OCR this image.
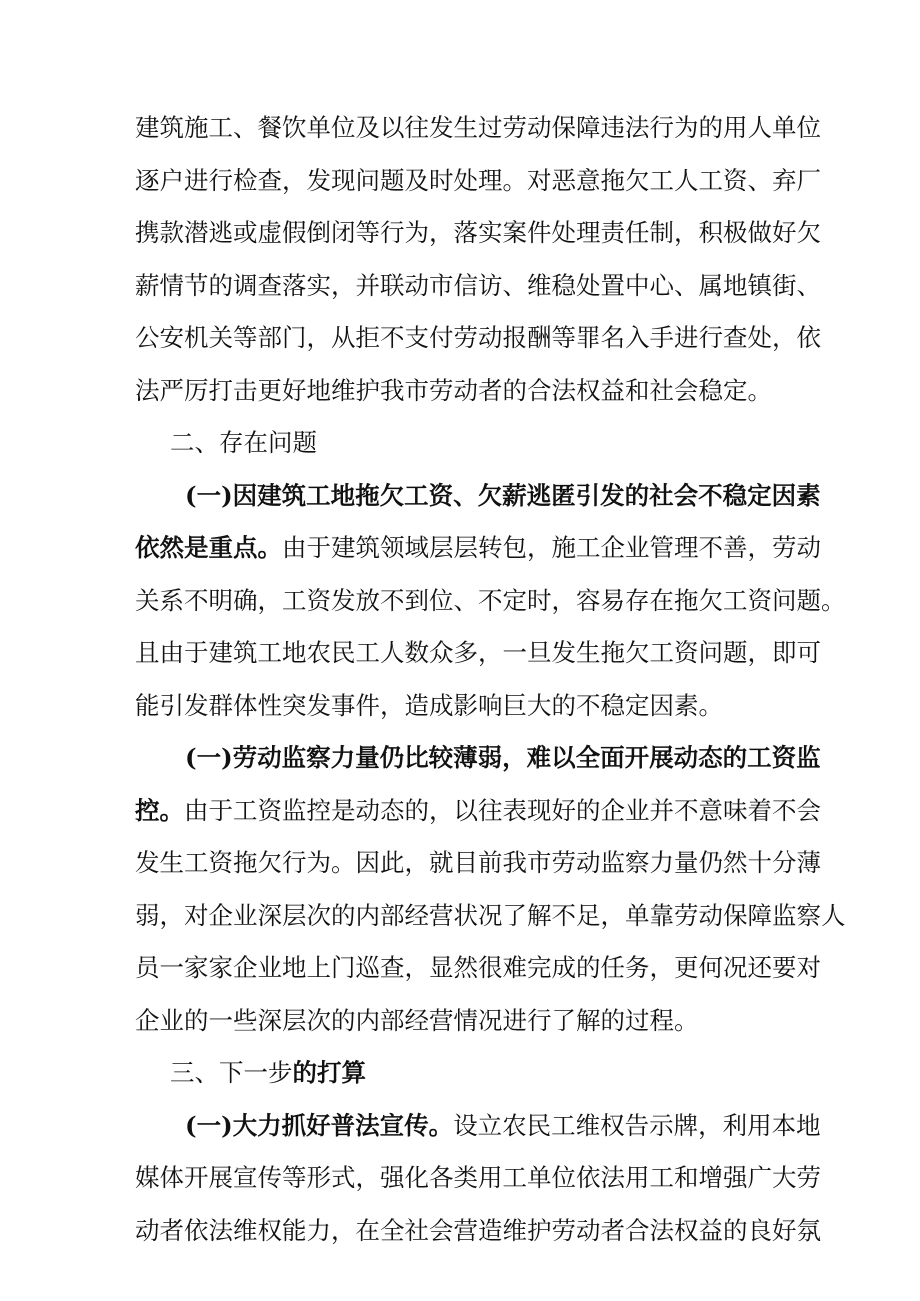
建筑施工、餐饮单位及以往发生过劳动保障违法行为的用人单位
逐户进行检查，发现问题及时处理。对恶意拖欠工人工资、弃厂
携款潜逃或虚假倒闭等行为，落实案件处理责任制，积极做好欠
薪情节的调查落实，并联动市信访、维稳处置中心、属地镇街、
公安机关等部门，从拒不支付劳动报酬等罪名入手进行查处，依
法严厉打击更好地维护我市劳动者的合法权益和社会稳定。
二、存在问题
(一)因建筑工地拖欠工资、欠薪逃匿引发的社会不稳定因素
依然是重点。由于建筑领域层层转包，施工企业管理不善，劳动
关系不明确，工资发放不到位、不定时，容易存在拖欠工资问题。
且由于建筑工地农民工人数众多，一旦发生拖欠工资问题，即可
能引发群体性突发事件，造成影响巨大的不稳定因素。
(一)劳动监察力量仍比较薄弱，难以全面开展动态的工资监
控。由于工资监控是动态的，以往表现好的企业并不意味着不会
发生工资拖欠行为。因此，就目前我市劳动监察力量仍然十分薄
弱，对企业深层次的内部经营状况了解不足，单靠劳动保障监察人
员一家家企业地上门巡查，显然很难完成的任务，更何况还要对
企业的一些深层次的内部经营情况进行了解的过程。
三、下一步的打算
(一)大力抓好普法宣传。设立农民工维权告示牌，利用本地
媒体开展宣传等形式，强化各类用工单位依法用工和增强广大劳
动者依法维权能力，在全社会营造维护劳动者合法权益的良好氛
